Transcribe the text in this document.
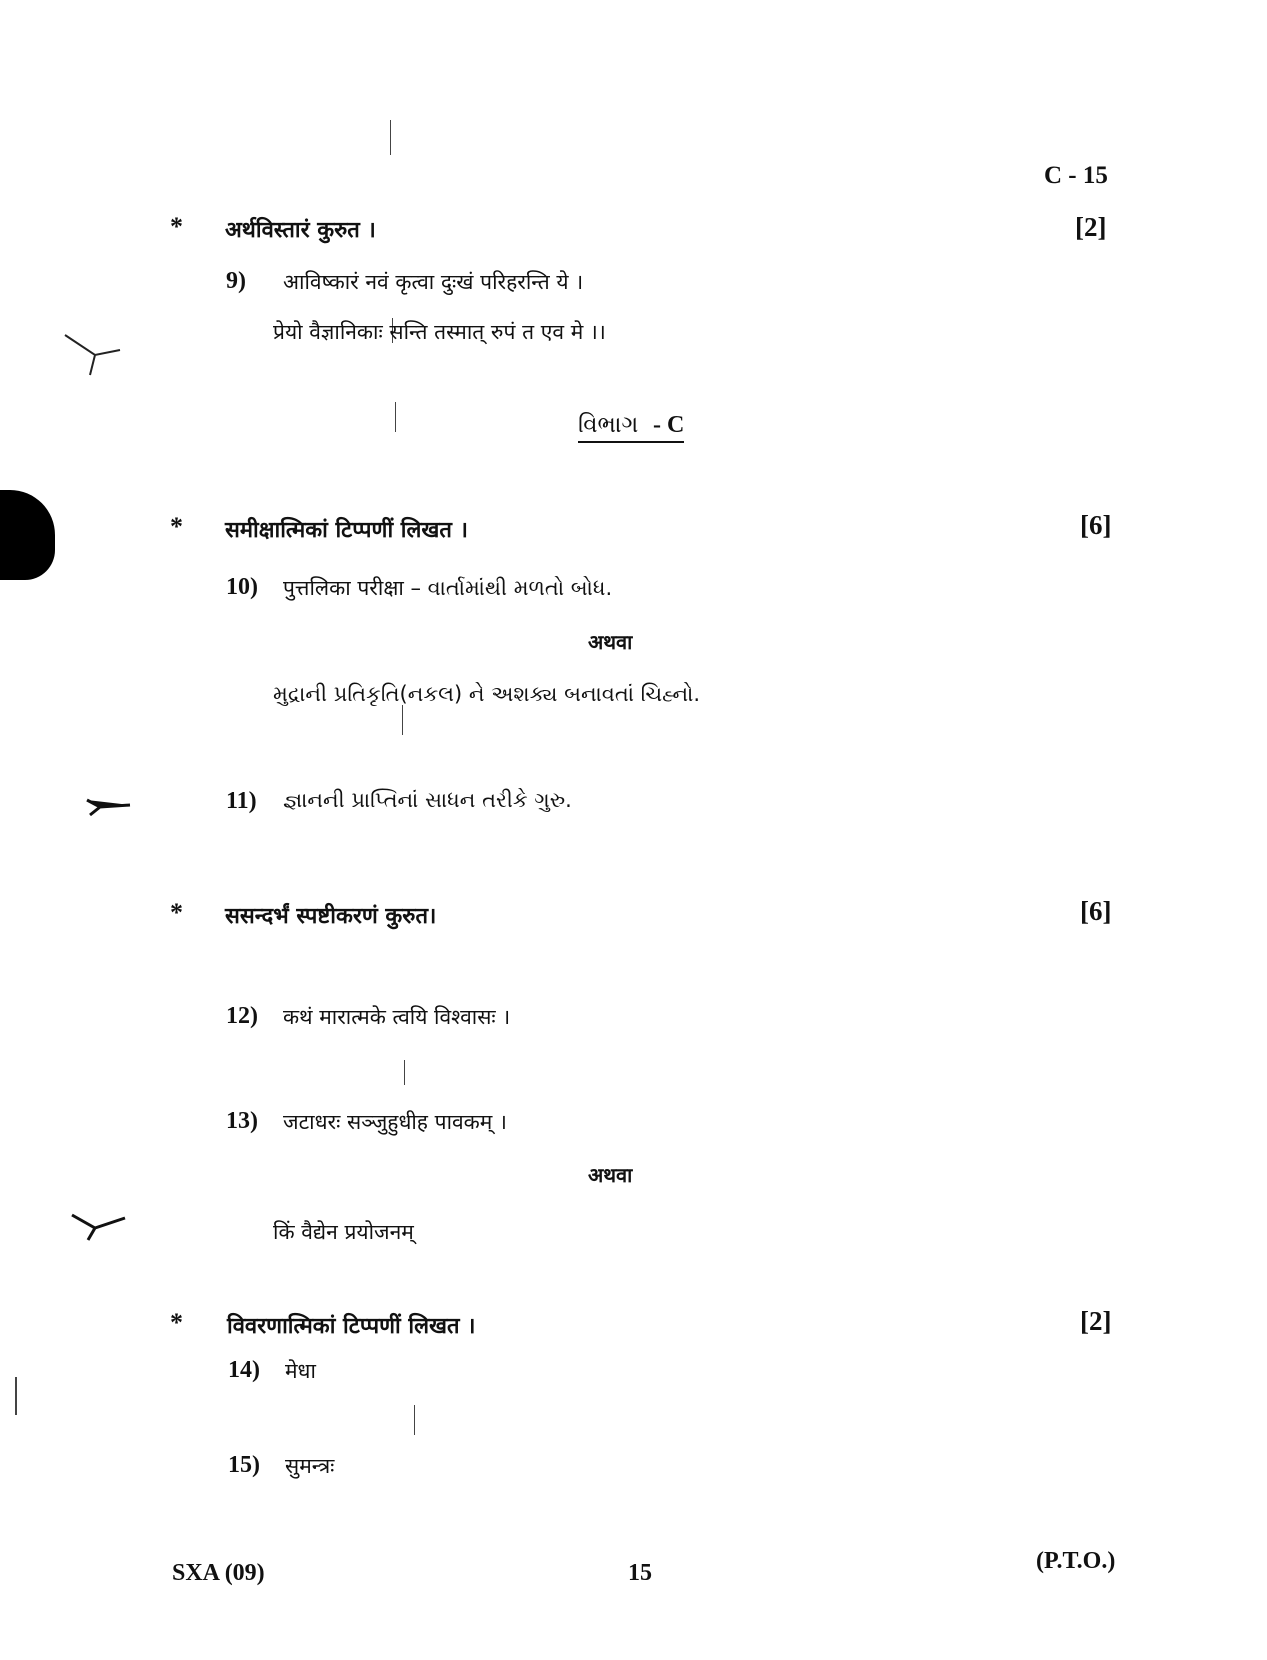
C - 15
* अर्थविस्तारं कुरुत ।	[2]
9) आविष्कारं नवं कृत्वा दुःखं परिहरन्ति ये ।
प्रेयो वैज्ञानिकाः सन्ति तस्मात् रुपं त एव मे ।।
વિભાગ - C
* समीक्षात्मिकां टिप्पणीं लिखत ।	[6]
10) पुत्तलिका परीक्षा – વાર્તામાંથી મળતો બોધ.
अथवा
મુદ્રાની પ્રતિકૃતિ(નકલ) ને અશક્ય બનાવતાં ચિહ્નો.
11) જ્ઞાનની પ્રાપ્તિનાં સાધન તરીકે ગુરુ.
* ससन्दर्भं स्पष्टीकरणं कुरुत।	[6]
12) कथं मारात्मके त्वयि विश्वासः ।
13) जटाधरः सञ्जुहुधीह पावकम् ।
अथवा
किं वैद्येन प्रयोजनम्
* विवरणात्मिकां टिप्पणीं लिखत ।	[2]
14) मेधा
15) सुमन्त्रः
SXA (09)	15	(P.T.O.)
